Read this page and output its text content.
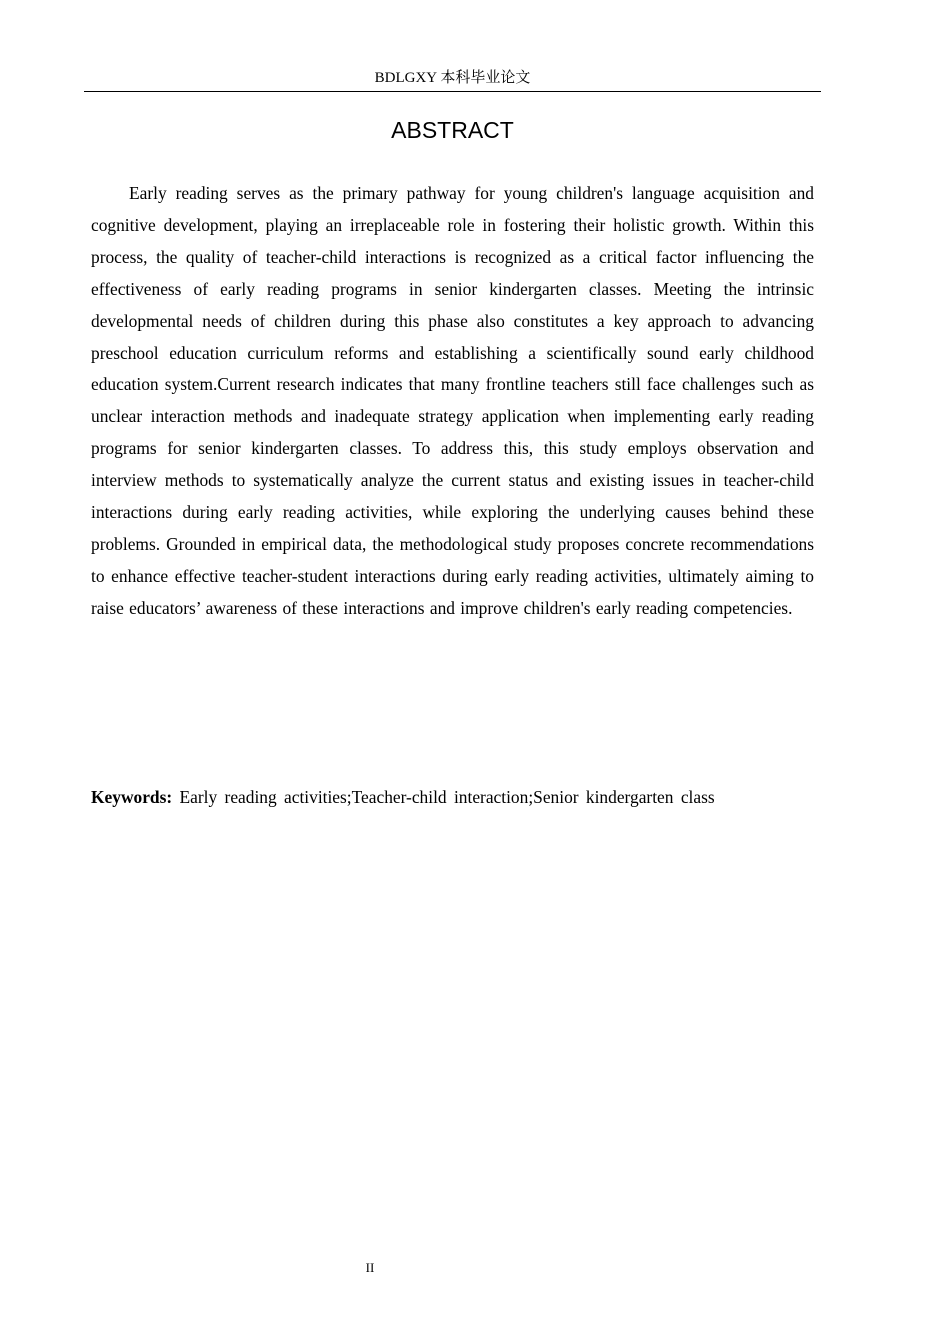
BDLGXY 本科毕业论文
ABSTRACT

Early reading serves as the primary pathway for young children's language acquisition and cognitive development, playing an irreplaceable role in fostering their holistic growth. Within this process, the quality of teacher-child interactions is recognized as a critical factor influencing the effectiveness of early reading programs in senior kindergarten classes. Meeting the intrinsic developmental needs of children during this phase also constitutes a key approach to advancing preschool education curriculum reforms and establishing a scientifically sound early childhood education system.Current research indicates that many frontline teachers still face challenges such as unclear interaction methods and inadequate strategy application when implementing early reading programs for senior kindergarten classes. To address this, this study employs observation and interview methods to systematically analyze the current status and existing issues in teacher-child interactions during early reading activities, while exploring the underlying causes behind these problems. Grounded in empirical data, the methodological study proposes concrete recommendations to enhance effective teacher-student interactions during early reading activities, ultimately aiming to raise educators’ awareness of these interactions and improve children's early reading competencies.

Keywords: Early reading activities;Teacher-child interaction;Senior kindergarten class

II
